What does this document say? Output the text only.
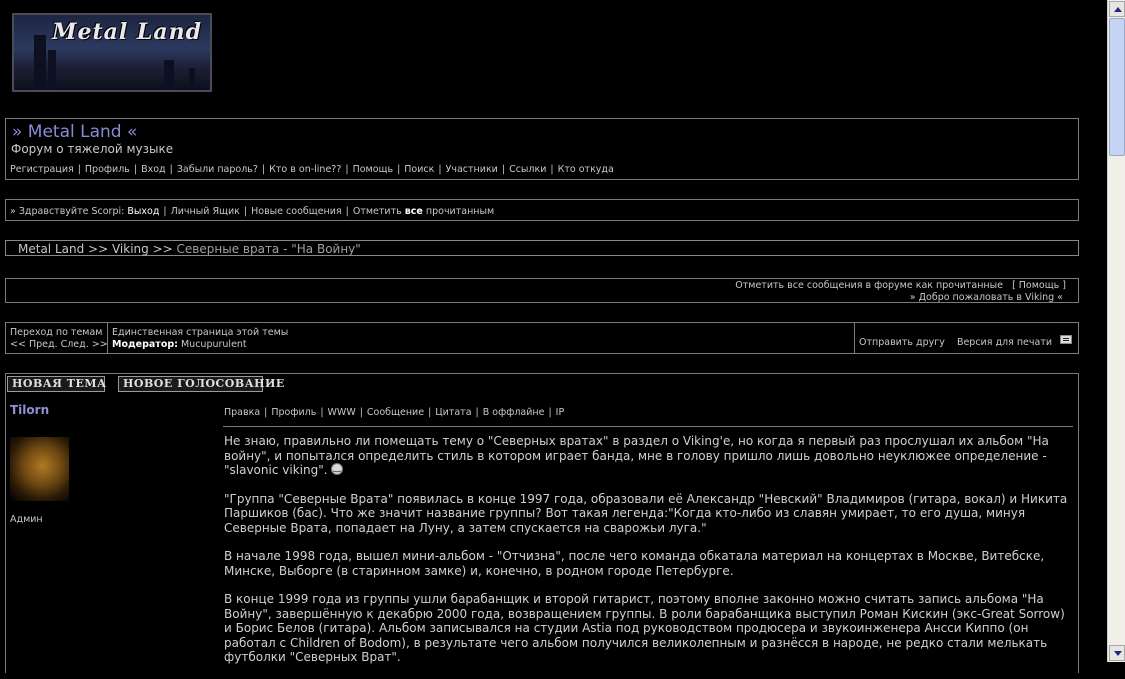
Metal Land
» Metal Land «
Форум о тяжелой музыке
Регистрация | Профиль | Вход | Забыли пароль? | Кто в on-line?? | Помощь | Поиск | Участники | Ссылки | Кто откуда
» Здравствуйте Scorpi: Выход | Личный Ящик | Новые сообщения | Отметить все прочитанным
Metal Land >> Viking >> Северные врата - "На Войну"
Отметить все сообщения в форуме как прочитанные [ Помощь ]
» Добро пожаловать в Viking «
Переход по темам
<< Пред. След. >>
Единственная страница этой темы
Модератор: Mucupurulent	Отправить другу Версия для печати
НОВАЯ ТЕМА	НОВОЕ ГОЛОСОВАНИЕ
Tilorn
Админ
Правка | Профиль | WWW | Сообщение | Цитата | В оффлайне | IP

Не знаю, правильно ли помещать тему о "Северных вратах" в раздел о Viking'e, но когда я первый раз прослушал их альбом "На войну", и попытался определить стиль в котором играет банда, мне в голову пришло лишь довольно неуклюжее определение - "slavonic viking". ‿

"Группа "Северные Врата" появилась в конце 1997 года, образовали её Александр "Невский" Владимиров (гитара, вокал) и Никита Паршиков (бас). Что же значит название группы? Вот такая легенда:"Когда кто-либо из славян умирает, то его душа, минуя Северные Врата, попадает на Луну, а затем спускается на сварожьи луга."

В начале 1998 года, вышел мини-альбом - "Отчизна", после чего команда обкатала материал на концертах в Москве, Витебске, Минске, Выборге (в старинном замке) и, конечно, в родном городе Петербурге.

В конце 1999 года из группы ушли барабанщик и второй гитарист, поэтому вполне законно можно считать запись альбома "На Войну", завершённую к декабрю 2000 года, возвращением группы. В роли барабанщика выступил Роман Кискин (экс-Great Sorrow) и Борис Белов (гитара). Альбом записывался на студии Astia под руководством продюсера и звукоинженера Ансси Киппо (он работал с Children of Bodom), в результате чего альбом получился великолепным и разнёсся в народе, не редко стали мелькать футболки "Северных Врат".
